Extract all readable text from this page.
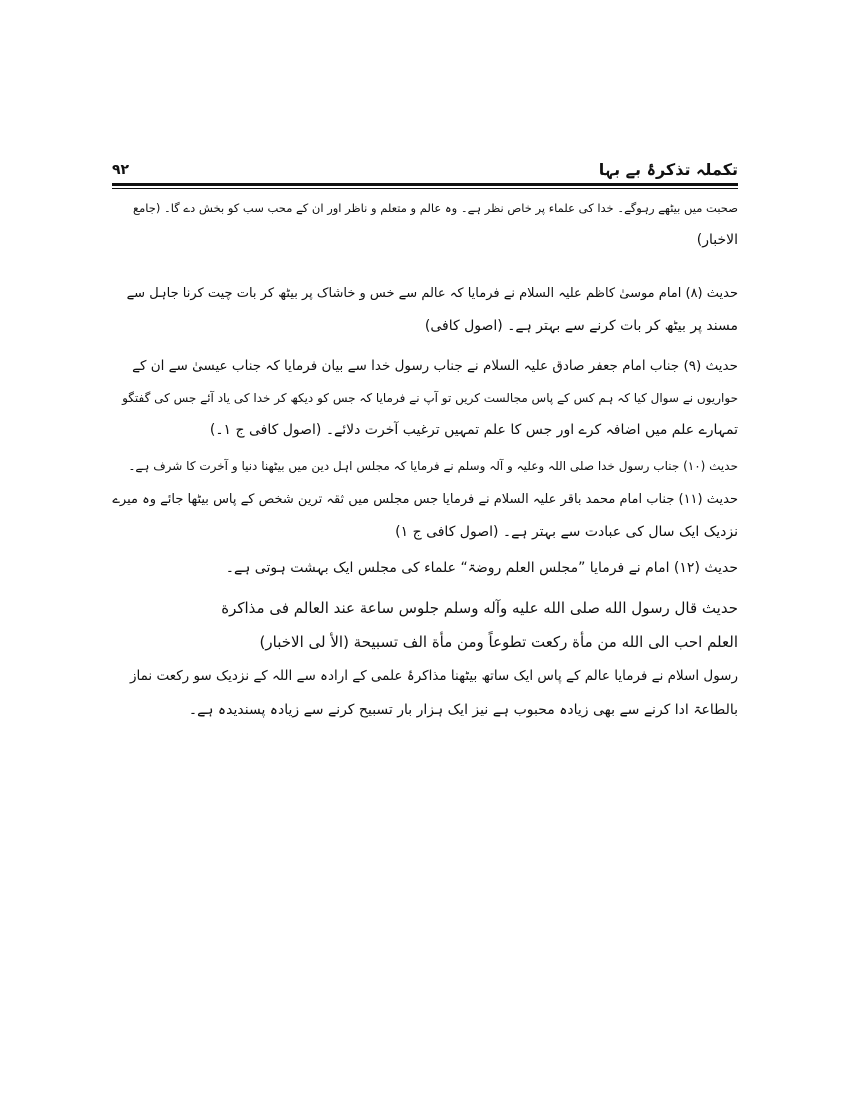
تکملہ تذکرۂ بے بہا
۹۲
صحبت میں بیٹھے رہوگے۔ خدا کی علماء پر خاص نظر ہے۔ وہ عالم و متعلم و ناظر اور ان کے محب سب کو بخش دے گا۔ (جامع
الاخبار)
حدیث (۸) امام موسیٰ کاظم علیہ السلام نے فرمایا کہ عالم سے خس و خاشاک پر بیٹھ کر بات چیت کرنا جاہل سے
مسند پر بیٹھ کر بات کرنے سے بہتر ہے۔ (اصول کافی)
حدیث (۹) جناب امام جعفر صادق علیہ السلام نے جناب رسول خدا سے بیان فرمایا کہ جناب عیسیٰ سے ان کے
حواریوں نے سوال کیا کہ ہم کس کے پاس مجالست کریں تو آپ نے فرمایا کہ جس کو دیکھ کر خدا کی یاد آئے جس کی گفتگو
تمہارے علم میں اضافہ کرے اور جس کا علم تمہیں ترغیب آخرت دلائے۔ (اصول کافی ج ۱۔)
حدیث (۱۰) جناب رسول خدا صلی اللہ وعلیہ و آلہ وسلم نے فرمایا کہ مجلس اہل دین میں بیٹھنا دنیا و آخرت کا شرف ہے۔
حدیث (۱۱) جناب امام محمد باقر علیہ السلام نے فرمایا جس مجلس میں ثقہ ترین شخص کے پاس بیٹھا جائے وہ میرے
نزدیک ایک سال کی عبادت سے بہتر ہے۔ (اصول کافی ج ۱)
حدیث (۱۲) امام نے فرمایا ”مجلس العلم روضۃ“ علماء کی مجلس ایک بہشت ہوتی ہے۔
حدیث قال رسول الله صلى الله عليه وآله وسلم جلوس ساعة عند العالم فى مذاكرة
العلم احب الى الله من مأة ركعت تطوعاً ومن مأة الف تسبيحة (الأ لى الاخبار)
رسول اسلام نے فرمایا عالم کے پاس ایک ساتھ بیٹھنا مذاکرۂ علمی کے ارادہ سے اللہ کے نزدیک سو رکعت نماز
بالطاعۃ ادا کرنے سے بھی زیادہ محبوب ہے نیز ایک ہزار بار تسبیح کرنے سے زیادہ پسندیدہ ہے۔
